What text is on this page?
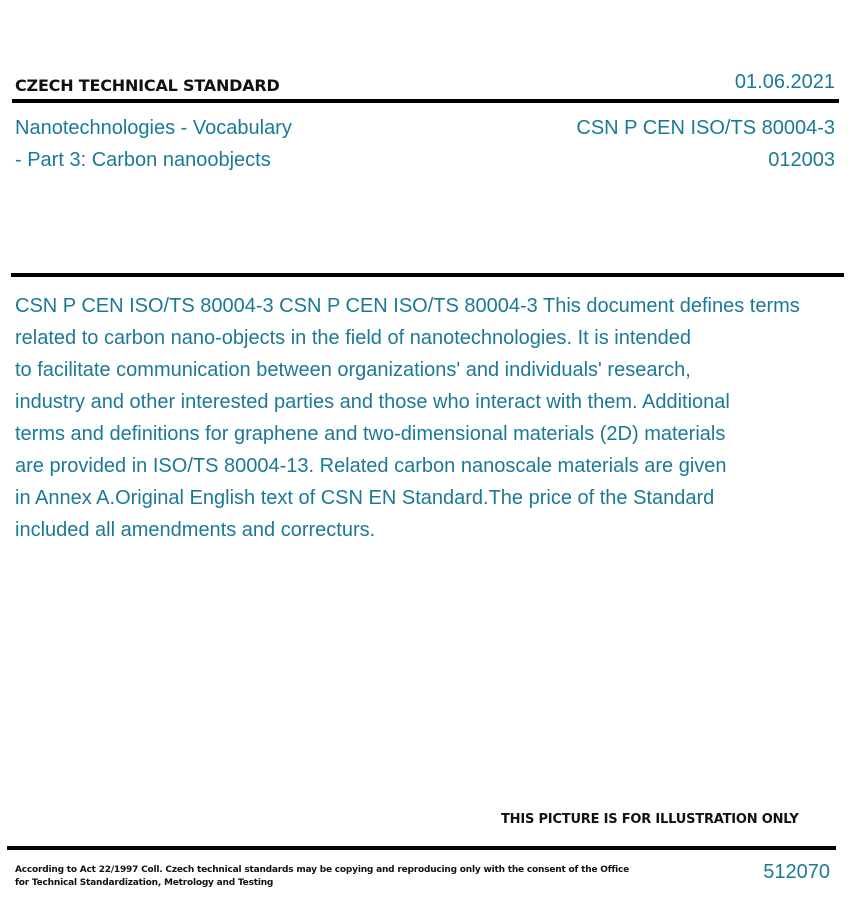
CZECH TECHNICAL STANDARD	01.06.2021
Nanotechnologies - Vocabulary
- Part 3: Carbon nanoobjects
CSN P CEN ISO/TS 80004-3
012003
CSN P CEN ISO/TS 80004-3 CSN P CEN ISO/TS 80004-3 This document defines terms
related to carbon nano-objects in the field of nanotechnologies. It is intended
to facilitate communication between organizations' and individuals' research,
industry and other interested parties and those who interact with them. Additional
terms and definitions for graphene and two-dimensional materials (2D) materials
are provided in ISO/TS 80004-13. Related carbon nanoscale materials are given
in Annex A.Original English text of CSN EN Standard.The price of the Standard
included all amendments and correcturs.
THIS PICTURE IS FOR ILLUSTRATION ONLY
According to Act 22/1997 Coll. Czech technical standards may be copying and reproducing only with the consent of the Office
for Technical Standardization, Metrology and Testing	512070
